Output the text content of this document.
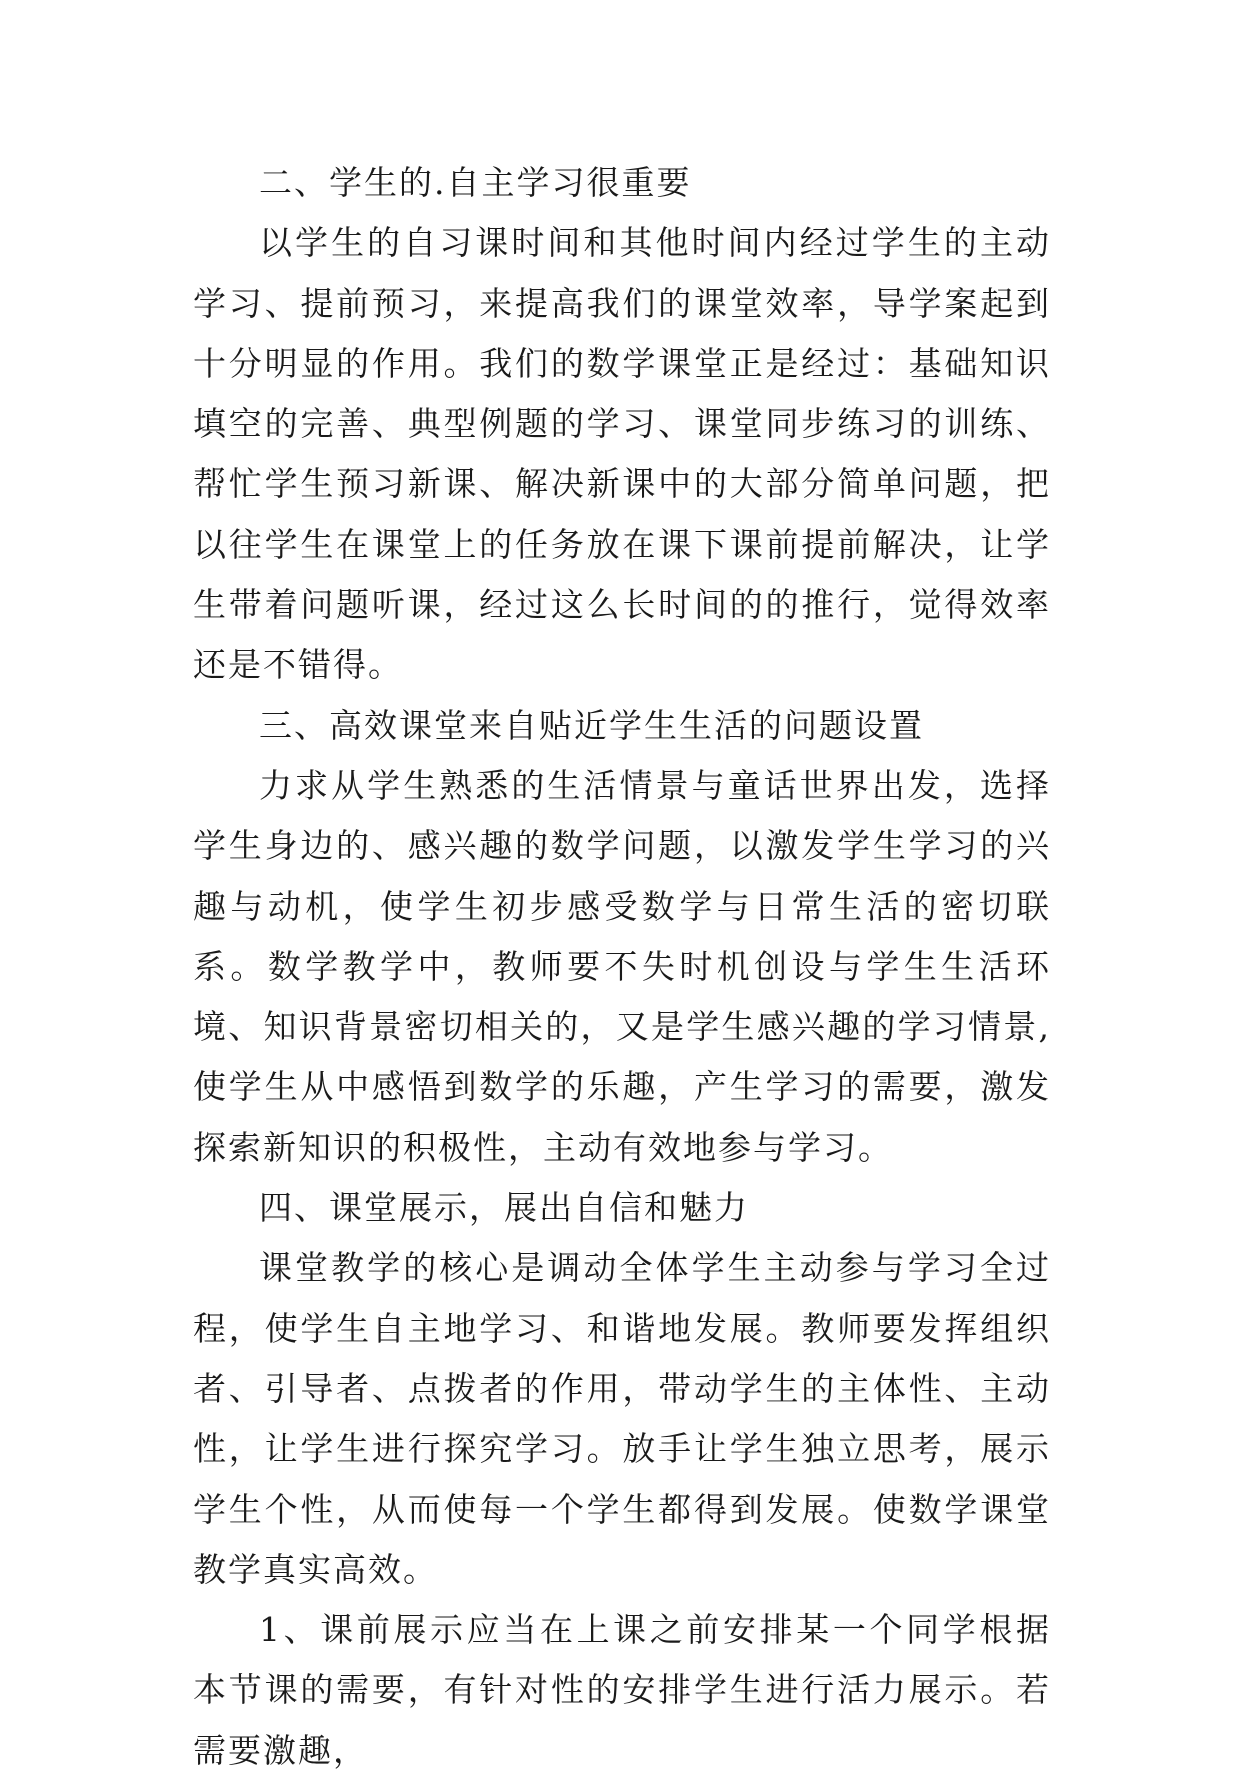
二、学生的.自主学习很重要

以学生的自习课时间和其他时间内经过学生的主动学习、提前预习，来提高我们的课堂效率，导学案起到十分明显的作用。我们的数学课堂正是经过：基础知识填空的完善、典型例题的学习、课堂同步练习的训练、帮忙学生预习新课、解决新课中的大部分简单问题，把以往学生在课堂上的任务放在课下课前提前解决，让学生带着问题听课，经过这么长时间的的推行，觉得效率还是不错得。

三、高效课堂来自贴近学生生活的问题设置

力求从学生熟悉的生活情景与童话世界出发，选择学生身边的、感兴趣的数学问题，以激发学生学习的兴趣与动机，使学生初步感受数学与日常生活的密切联系。数学教学中，教师要不失时机创设与学生生活环境、知识背景密切相关的，又是学生感兴趣的学习情景,使学生从中感悟到数学的乐趣，产生学习的需要，激发探索新知识的积极性，主动有效地参与学习。

四、课堂展示，展出自信和魅力

课堂教学的核心是调动全体学生主动参与学习全过程，使学生自主地学习、和谐地发展。教师要发挥组织者、引导者、点拨者的作用，带动学生的主体性、主动性，让学生进行探究学习。放手让学生独立思考，展示学生个性，从而使每一个学生都得到发展。使数学课堂教学真实高效。

1、课前展示应当在上课之前安排某一个同学根据本节课的需要，有针对性的安排学生进行活力展示。若需要激趣，
